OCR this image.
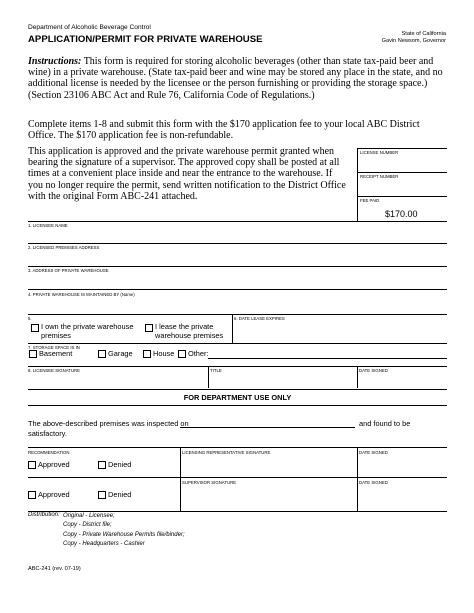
Department of Alcoholic Beverage Control
APPLICATION/PERMIT FOR PRIVATE WAREHOUSE	State of California
Gavin Newsom, Governor
Instructions: This form is required for storing alcoholic beverages (other than state tax-paid beer and wine) in a private warehouse. (State tax-paid beer and wine may be stored any place in the state, and no additional license is needed by the licensee or the person furnishing or providing the storage space.) (Section 23106 ABC Act and Rule 76, California Code of Regulations.)
Complete items 1-8 and submit this form with the $170 application fee to your local ABC District Office. The $170 application fee is non-refundable.
This application is approved and the private warehouse permit granted when bearing the signature of a supervisor. The approved copy shall be posted at all times at a convenient place inside and near the entrance to the warehouse. If you no longer require the permit, send written notification to the District Office with the original Form ABC-241 attached.
LICENSE NUMBER
RECEIPT NUMBER
FEE PAID
$170.00
1. LICENSEE NAME
2. LICENSED PREMISES ADDRESS
3. ADDRESS OF PRIVATE WAREHOUSE
4. PRIVATE WAREHOUSE IS MAINTAINED BY (Name)
5.	6. DATE LEASE EXPIRES
I own the private warehouse
premises
I lease the private
warehouse premises
7. STORAGE SPACE IS IN
Basement	Garage	House Other:
8. LICENSEE SIGNATURE	TITLE	DATE SIGNED
FOR DEPARTMENT USE ONLY
The above-described premises was inspected on	and found to be
satisfactory.
RECOMMENDATION	LICENSING REPRESENTATIVE SIGNATURE	DATE SIGNED
Approved	Denied
SUPERVISOR SIGNATURE	DATE SIGNED
Approved	Denied
Distribution: Original - Licensee;
Copy - District file;
Copy - Private Warehouse Permits file/binder;
Copy - Headquarters - Cashier
ABC-241 (rev. 07-19)
